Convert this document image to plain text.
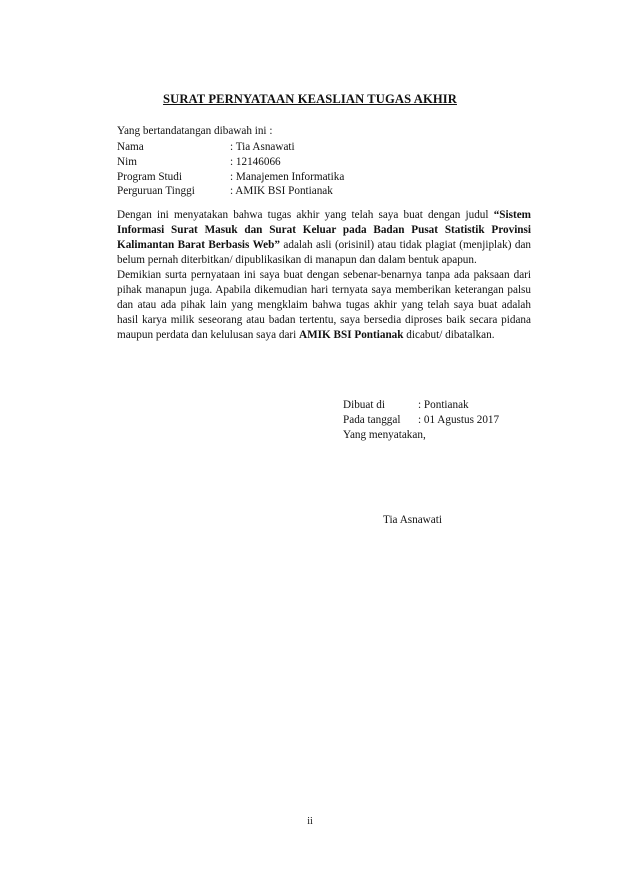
SURAT PERNYATAAN KEASLIAN TUGAS AKHIR
Yang bertandatangan dibawah ini :
Nama	: Tia Asnawati
Nim	: 12146066
Program Studi	: Manajemen Informatika
Perguruan Tinggi	: AMIK BSI Pontianak

Dengan ini menyatakan bahwa tugas akhir yang telah saya buat dengan judul “Sistem Informasi Surat Masuk dan Surat Keluar pada Badan Pusat Statistik Provinsi Kalimantan Barat Berbasis Web” adalah asli (orisinil) atau tidak plagiat (menjiplak) dan belum pernah diterbitkan/ dipublikasikan di manapun dan dalam bentuk apapun.

Demikian surta pernyataan ini saya buat dengan sebenar-benarnya tanpa ada paksaan dari pihak manapun juga. Apabila dikemudian hari ternyata saya memberikan keterangan palsu dan atau ada pihak lain yang mengklaim bahwa tugas akhir yang telah saya buat adalah hasil karya milik seseorang atau badan tertentu, saya bersedia diproses baik secara pidana maupun perdata dan kelulusan saya dari AMIK BSI Pontianak dicabut/ dibatalkan.

Dibuat di	: Pontianak
Pada tanggal : 01 Agustus 2017
Yang menyatakan,
Tia Asnawati
ii
